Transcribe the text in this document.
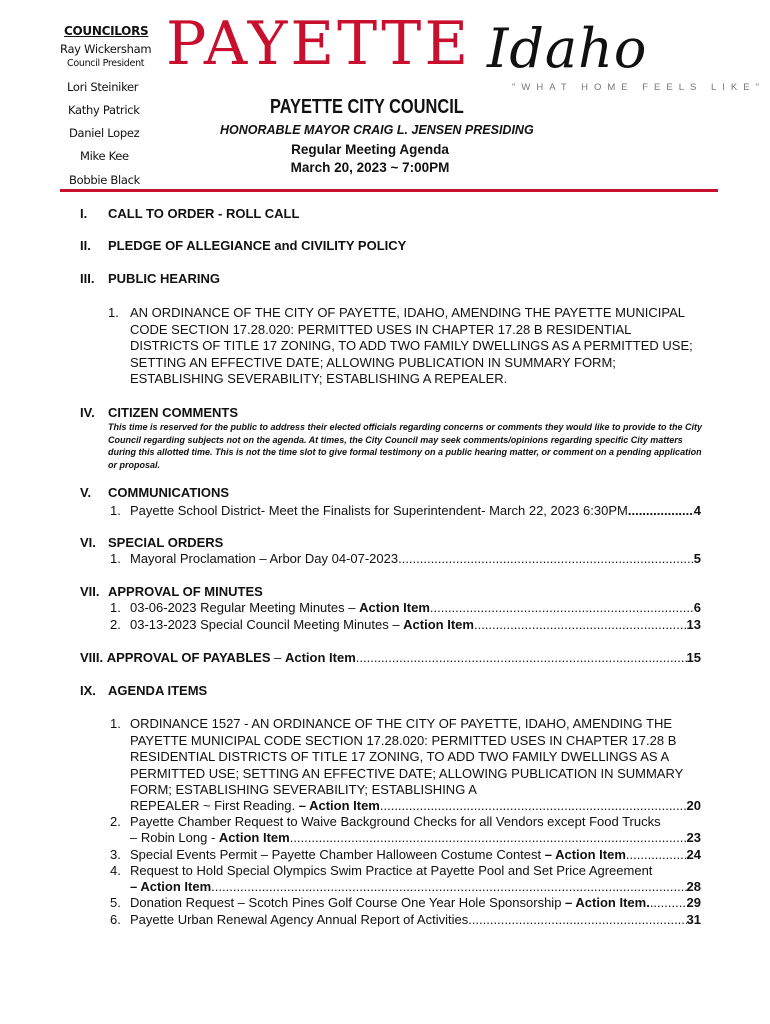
COUNCILORS
Ray Wickersham
Council President
Lori Steiniker
Kathy Patrick
Daniel Lopez
Mike Kee
Bobbie Black
PAYETTE Idaho
"WHAT HOME FEELS LIKE"
PAYETTE CITY COUNCIL
HONORABLE MAYOR CRAIG L. JENSEN PRESIDING
Regular Meeting Agenda
March 20, 2023 ~ 7:00PM
I. CALL TO ORDER - ROLL CALL
II. PLEDGE OF ALLEGIANCE and CIVILITY POLICY
III. PUBLIC HEARING
1. AN ORDINANCE OF THE CITY OF PAYETTE, IDAHO, AMENDING THE PAYETTE MUNICIPAL CODE SECTION 17.28.020: PERMITTED USES IN CHAPTER 17.28 B RESIDENTIAL DISTRICTS OF TITLE 17 ZONING, TO ADD TWO FAMILY DWELLINGS AS A PERMITTED USE; SETTING AN EFFECTIVE DATE; ALLOWING PUBLICATION IN SUMMARY FORM; ESTABLISHING SEVERABILITY; ESTABLISHING A REPEALER.
IV. CITIZEN COMMENTS
This time is reserved for the public to address their elected officials regarding concerns or comments they would like to provide to the City Council regarding subjects not on the agenda. At times, the City Council may seek comments/opinions regarding specific City matters during this allotted time. This is not the time slot to give formal testimony on a public hearing matter, or comment on a pending application or proposal.
V. COMMUNICATIONS
1. Payette School District- Meet the Finalists for Superintendent- March 22, 2023 6:30PM .....	4
VI. SPECIAL ORDERS
1. Mayoral Proclamation – Arbor Day 04-07-2023 .....	5
VII. APPROVAL OF MINUTES
1. 03-06-2023 Regular Meeting Minutes – Action Item .....	6
2. 03-13-2023 Special Council Meeting Minutes – Action Item .....	13
VIII. APPROVAL OF PAYABLES – Action Item .....	15
IX. AGENDA ITEMS
1. ORDINANCE 1527 - AN ORDINANCE OF THE CITY OF PAYETTE, IDAHO, AMENDING THE PAYETTE MUNICIPAL CODE SECTION 17.28.020: PERMITTED USES IN CHAPTER 17.28 B RESIDENTIAL DISTRICTS OF TITLE 17 ZONING, TO ADD TWO FAMILY DWELLINGS AS A PERMITTED USE; SETTING AN EFFECTIVE DATE; ALLOWING PUBLICATION IN SUMMARY FORM; ESTABLISHING SEVERABILITY; ESTABLISHING A
REPEALER ~ First Reading. – Action Item .....	20
2. Payette Chamber Request to Waive Background Checks for all Vendors except Food Trucks
– Robin Long - Action Item .....	23
3. Special Events Permit – Payette Chamber Halloween Costume Contest – Action Item .....	24
4. Request to Hold Special Olympics Swim Practice at Payette Pool and Set Price Agreement
– Action Item .....	28
5. Donation Request – Scotch Pines Golf Course One Year Hole Sponsorship – Action Item. .....	29
6. Payette Urban Renewal Agency Annual Report of Activities. .....	31
